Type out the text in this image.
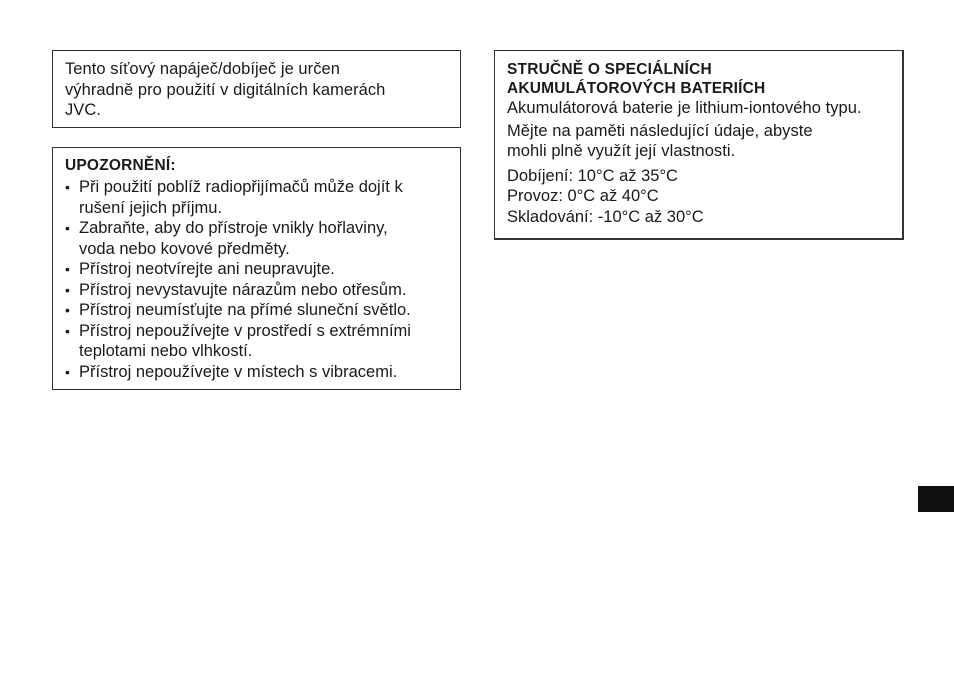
Tento síťový napáječ/dobíječ je určen

výhradně pro použití v digitálních kamerách

JVC.

UPOZORNĚNÍ:

• Při použití poblíž radiopřijímačů může dojít k
rušení jejich příjmu.
• Zabraňte, aby do přístroje vnikly hořlaviny,
voda nebo kovové předměty.
• Přístroj neotvírejte ani neupravujte.
• Přístroj nevystavujte nárazům nebo otřesům.
• Přístroj neumísťujte na přímé sluneční světlo.
• Přístroj nepoužívejte v prostředí s extrémními
teplotami nebo vlhkostí.
• Přístroj nepoužívejte v místech s vibracemi.

STRUČNĚ O SPECIÁLNÍCH

AKUMULÁTOROVÝCH BATERIÍCH

Akumulátorová baterie je lithium-iontového typu.

Mějte na paměti následující údaje, abyste

mohli plně využít její vlastnosti.

Dobíjení: 10°C až 35°C

Provoz: 0°C až 40°C

Skladování: -10°C až 30°C
